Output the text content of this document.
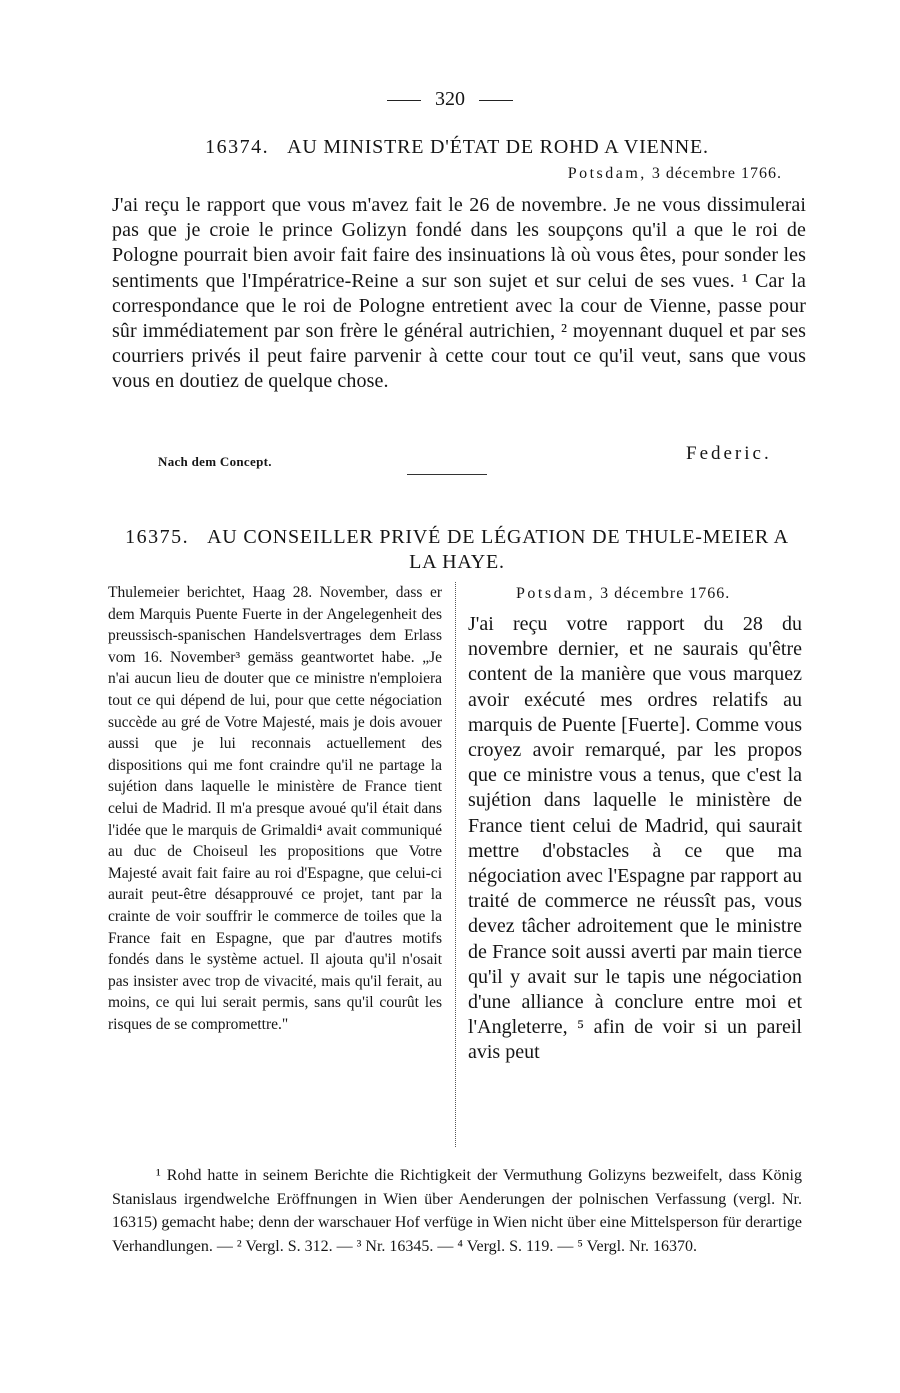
320
16374. AU MINISTRE D'ÉTAT DE ROHD A VIENNE.
Potsdam, 3 décembre 1766.

J'ai reçu le rapport que vous m'avez fait le 26 de novembre. Je ne vous dissimulerai pas que je croie le prince Golizyn fondé dans les soupçons qu'il a que le roi de Pologne pourrait bien avoir fait faire des insinuations là où vous êtes, pour sonder les sentiments que l'Impératrice-Reine a sur son sujet et sur celui de ses vues. ¹ Car la correspondance que le roi de Pologne entretient avec la cour de Vienne, passe pour sûr immédiatement par son frère le général autrichien, ² moyennant duquel et par ses courriers privés il peut faire parvenir à cette cour tout ce qu'il veut, sans que vous vous en doutiez de quelque chose.

Nach dem Concept.	Federic.
16375. AU CONSEILLER PRIVÉ DE LÉGATION DE THULE-MEIER A LA HAYE.

Thulemeier berichtet, Haag 28. November, dass er dem Marquis Puente Fuerte in der Angelegenheit des preussisch-spanischen Handelsvertrages dem Erlass vom 16. November³ gemäss geantwortet habe. „Je n'ai aucun lieu de douter que ce ministre n'emploiera tout ce qui dépend de lui, pour que cette négociation succède au gré de Votre Majesté, mais je dois avouer aussi que je lui reconnais actuellement des dispositions qui me font craindre qu'il ne partage la sujétion dans laquelle le ministère de France tient celui de Madrid. Il m'a presque avoué qu'il était dans l'idée que le marquis de Grimaldi⁴ avait communiqué au duc de Choiseul les propositions que Votre Majesté avait fait faire au roi d'Espagne, que celui-ci aurait peut-être désapprouvé ce projet, tant par la crainte de voir souffrir le commerce de toiles que la France fait en Espagne, que par d'autres motifs fondés dans le système actuel. Il ajouta qu'il n'osait pas insister avec trop de vivacité, mais qu'il ferait, au moins, ce qui lui serait permis, sans qu'il courût les risques de se compromettre."

Potsdam, 3 décembre 1766.

J'ai reçu votre rapport du 28 du novembre dernier, et ne saurais qu'être content de la manière que vous marquez avoir exécuté mes ordres relatifs au marquis de Puente [Fuerte]. Comme vous croyez avoir remarqué, par les propos que ce ministre vous a tenus, que c'est la sujétion dans laquelle le ministère de France tient celui de Madrid, qui saurait mettre d'obstacles à ce que ma négociation avec l'Espagne par rapport au traité de commerce ne réussît pas, vous devez tâcher adroitement que le ministre de France soit aussi averti par main tierce qu'il y avait sur le tapis une négociation d'une alliance à conclure entre moi et l'Angleterre, ⁵ afin de voir si un pareil avis peut

¹ Rohd hatte in seinem Berichte die Richtigkeit der Vermuthung Golizyns bezweifelt, dass König Stanislaus irgendwelche Eröffnungen in Wien über Aenderungen der polnischen Verfassung (vergl. Nr. 16315) gemacht habe; denn der warschauer Hof verfüge in Wien nicht über eine Mittelsperson für derartige Verhandlungen. — ² Vergl. S. 312. — ³ Nr. 16345. — ⁴ Vergl. S. 119. — ⁵ Vergl. Nr. 16370.
